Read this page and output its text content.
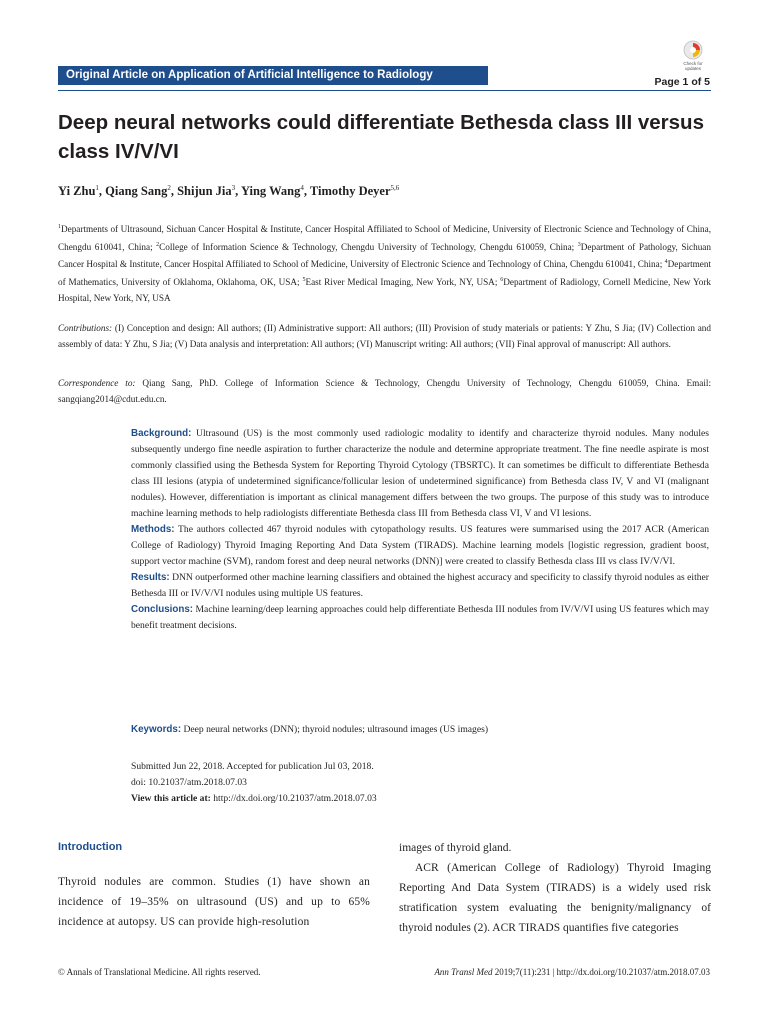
Original Article on Application of Artificial Intelligence to Radiology
Check for updates
Page 1 of 5
Deep neural networks could differentiate Bethesda class III versus class IV/V/VI
Yi Zhu$^1$, Qiang Sang$^2$, Shijun Jia$^3$, Ying Wang$^4$, Timothy Deyer$^{5,6}$
$^1$Departments of Ultrasound, Sichuan Cancer Hospital & Institute, Cancer Hospital Affiliated to School of Medicine, University of Electronic Science and Technology of China, Chengdu 610041, China; $^2$College of Information Science & Technology, Chengdu University of Technology, Chengdu 610059, China; $^3$Department of Pathology, Sichuan Cancer Hospital & Institute, Cancer Hospital Affiliated to School of Medicine, University of Electronic Science and Technology of China, Chengdu 610041, China; $^4$Department of Mathematics, University of Oklahoma, Oklahoma, OK, USA; $^5$East River Medical Imaging, New York, NY, USA; $^6$Department of Radiology, Cornell Medicine, New York Hospital, New York, NY, USA
Contributions: (I) Conception and design: All authors; (II) Administrative support: All authors; (III) Provision of study materials or patients: Y Zhu, S Jia; (IV) Collection and assembly of data: Y Zhu, S Jia; (V) Data analysis and interpretation: All authors; (VI) Manuscript writing: All authors; (VII) Final approval of manuscript: All authors.
Correspondence to: Qiang Sang, PhD. College of Information Science & Technology, Chengdu University of Technology, Chengdu 610059, China. Email: sangqiang2014@cdut.edu.cn.

Background: Ultrasound (US) is the most commonly used radiologic modality to identify and characterize thyroid nodules. Many nodules subsequently undergo fine needle aspiration to further characterize the nodule and determine appropriate treatment. The fine needle aspirate is most commonly classified using the Bethesda System for Reporting Thyroid Cytology (TBSRTC). It can sometimes be difficult to differentiate Bethesda class III lesions (atypia of undetermined significance/follicular lesion of undetermined significance) from Bethesda class IV, V and VI (malignant nodules). However, differentiation is important as clinical management differs between the two groups. The purpose of this study was to introduce machine learning methods to help radiologists differentiate Bethesda class III from Bethesda class VI, V and VI lesions.

Methods: The authors collected 467 thyroid nodules with cytopathology results. US features were summarised using the 2017 ACR (American College of Radiology) Thyroid Imaging Reporting And Data System (TIRADS). Machine learning models [logistic regression, gradient boost, support vector machine (SVM), random forest and deep neural networks (DNN)] were created to classify Bethesda class III vs class IV/V/VI.

Results: DNN outperformed other machine learning classifiers and obtained the highest accuracy and specificity to classify thyroid nodules as either Bethesda III or IV/V/VI nodules using multiple US features.

Conclusions: Machine learning/deep learning approaches could help differentiate Bethesda III nodules from IV/V/VI using US features which may benefit treatment decisions.

Keywords: Deep neural networks (DNN); thyroid nodules; ultrasound images (US images)
Submitted Jun 22, 2018. Accepted for publication Jul 03, 2018.
doi: 10.21037/atm.2018.07.03
View this article at: http://dx.doi.org/10.21037/atm.2018.07.03
Introduction
Thyroid nodules are common. Studies (1) have shown an incidence of 19–35% on ultrasound (US) and up to 65% incidence at autopsy. US can provide high-resolution
images of thyroid gland.
ACR (American College of Radiology) Thyroid Imaging Reporting And Data System (TIRADS) is a widely used risk stratification system evaluating the benignity/malignancy of thyroid nodules (2). ACR TIRADS quantifies five categories
© Annals of Translational Medicine. All rights reserved.	Ann Transl Med 2019;7(11):231 | http://dx.doi.org/10.21037/atm.2018.07.03
